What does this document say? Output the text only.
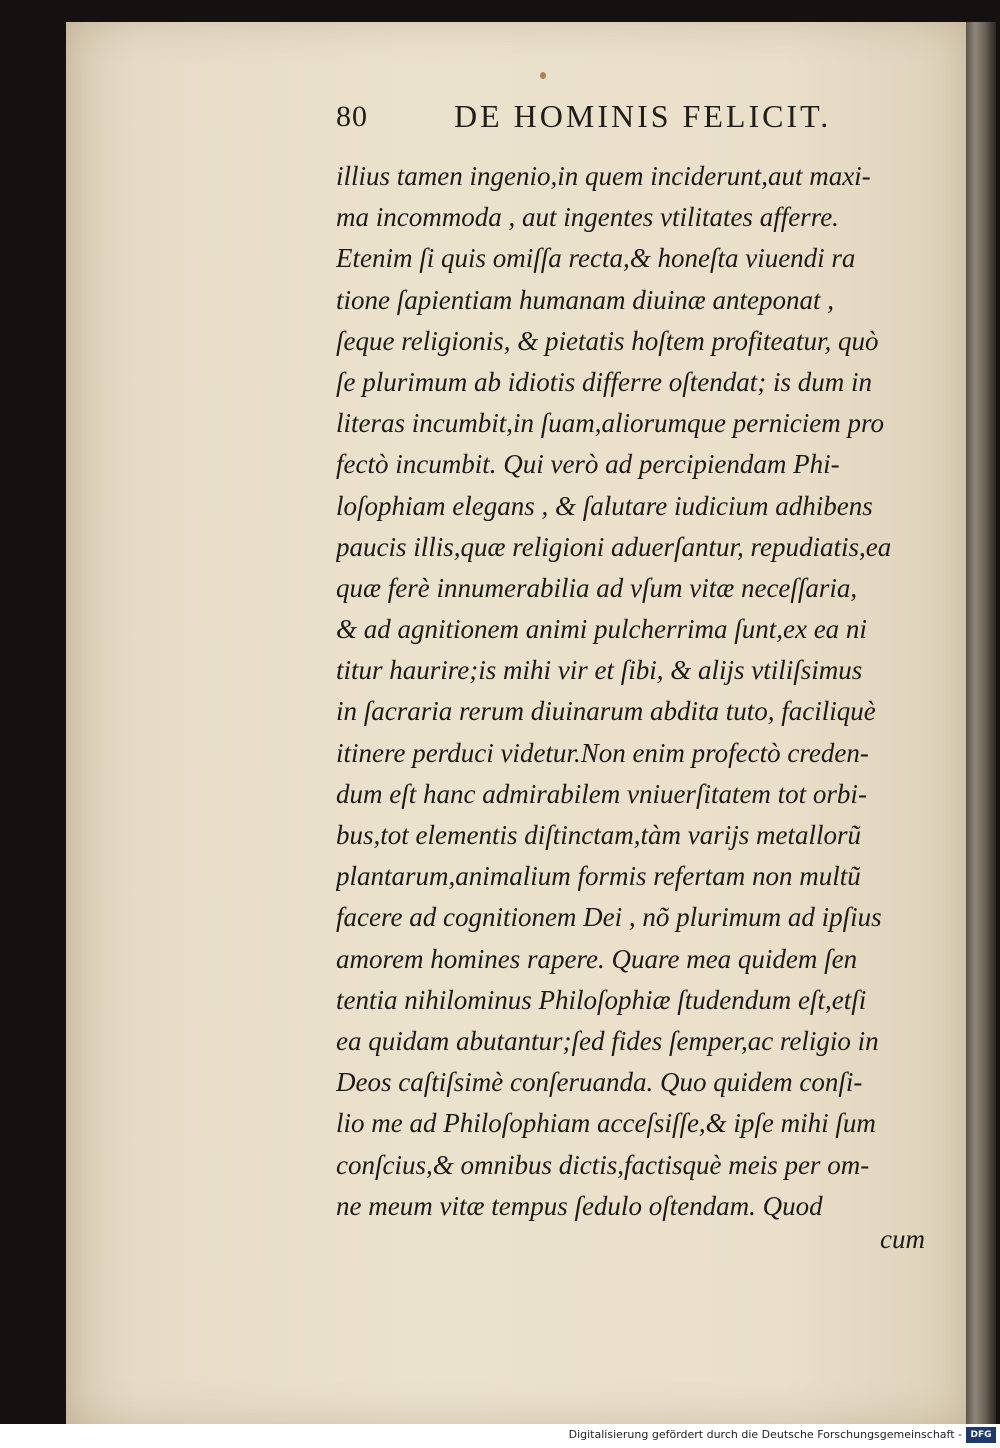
80	DE HOMINIS FELICIT.
illius tamen ingenio,in quem inciderunt,aut maxi-
ma incommoda , aut ingentes vtilitates afferre.
Etenim ſi quis omiſſa recta,& honeſta viuendi ra
tione ſapientiam humanam diuinæ anteponat ,
ſeque religionis, & pietatis hoſtem profiteatur, quò
ſe plurimum ab idiotis differre oſtendat; is dum in
literas incumbit,in ſuam,aliorumque perniciem pro
fectò incumbit. Qui verò ad percipiendam Phi-
loſophiam elegans , & ſalutare iudicium adhibens
paucis illis,quæ religioni aduerſantur, repudiatis,ea
quæ ferè innumerabilia ad vſum vitæ neceſſaria,
& ad agnitionem animi pulcherrima ſunt,ex ea ni
titur haurire;is mihi vir et ſibi, & alijs vtiliſsimus
in ſacraria rerum diuinarum abdita tuto, faciliquè
itinere perduci videtur.Non enim profectò creden-
dum eſt hanc admirabilem vniuerſitatem tot orbi-
bus,tot elementis diſtinctam,tàm varijs metallorũ
plantarum,animalium formis refertam non multũ
facere ad cognitionem Dei , nõ plurimum ad ipſius
amorem homines rapere. Quare mea quidem ſen
tentia nihilominus Philoſophiæ ſtudendum eſt,etſi
ea quidam abutantur;ſed fides ſemper,ac religio in
Deos caſtiſsimè conſeruanda. Quo quidem conſi-
lio me ad Philoſophiam acceſsiſſe,& ipſe mihi ſum
conſcius,& omnibus dictis,factisquè meis per om-
ne meum vitæ tempus ſedulo oſtendam. Quod
cum
Digitalisierung gefördert durch die Deutsche Forschungsgemeinschaft - DFG
